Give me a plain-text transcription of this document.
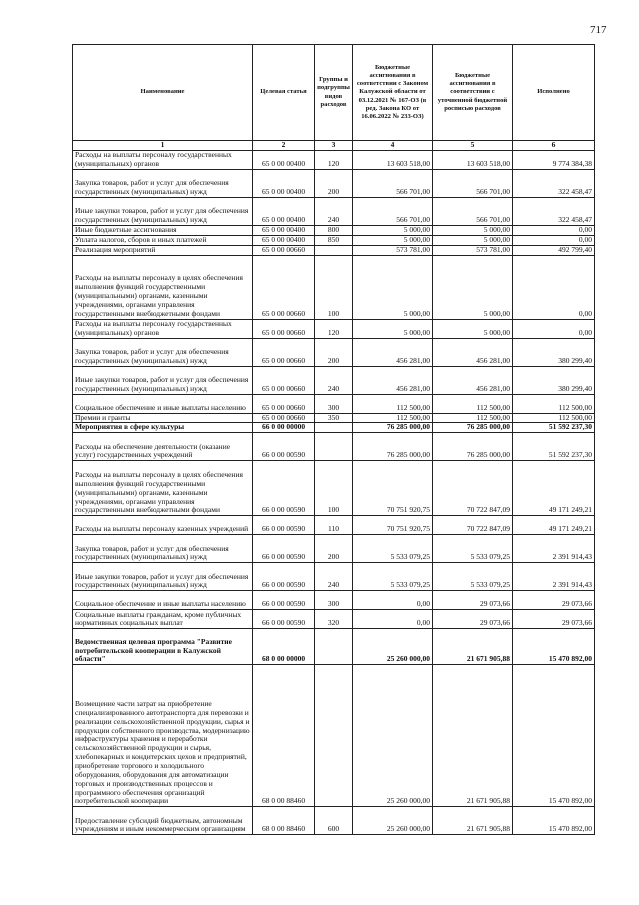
717
Наименование	Целевая статья	Группы и подгруппы видов расходов	Бюджетные ассигнования в соответствии с Законом Калужской области от 03.12.2021 № 167-ОЗ (в ред. Закона КО от 16.06.2022 № 233-ОЗ)	Бюджетные ассигнования в соответствии с уточненной бюджетной росписью расходов	Исполнено
1	2	3	4	5	6
Расходы на выплаты персоналу государственных (муниципальных) органов	65 0 00 00400	120	13 603 518,00	13 603 518,00	9 774 384,38
Закупка товаров, работ и услуг для обеспечения государственных (муниципальных) нужд	65 0 00 00400	200	566 701,00	566 701,00	322 458,47
Иные закупки товаров, работ и услуг для обеспечения государственных (муниципальных) нужд	65 0 00 00400	240	566 701,00	566 701,00	322 458,47
Иные бюджетные ассигнования	65 0 00 00400	800	5 000,00	5 000,00	0,00
Уплата налогов, сборов и иных платежей	65 0 00 00400	850	5 000,00	5 000,00	0,00
Реализация мероприятий	65 0 00 00660		573 781,00	573 781,00	492 799,40
Расходы на выплаты персоналу в целях обеспечения выполнения функций государственными (муниципальными) органами, казенными учреждениями, органами управления государственными внебюджетными фондами	65 0 00 00660	100	5 000,00	5 000,00	0,00
Расходы на выплаты персоналу государственных (муниципальных) органов	65 0 00 00660	120	5 000,00	5 000,00	0,00
Закупка товаров, работ и услуг для обеспечения государственных (муниципальных) нужд	65 0 00 00660	200	456 281,00	456 281,00	380 299,40
Иные закупки товаров, работ и услуг для обеспечения государственных (муниципальных) нужд	65 0 00 00660	240	456 281,00	456 281,00	380 299,40
Социальное обеспечение и иные выплаты населению	65 0 00 00660	300	112 500,00	112 500,00	112 500,00
Премии и гранты	65 0 00 00660	350	112 500,00	112 500,00	112 500,00
Мероприятия в сфере культуры	66 0 00 00000		76 285 000,00	76 285 000,00	51 592 237,30
Расходы на обеспечение деятельности (оказание услуг) государственных учреждений	66 0 00 00590		76 285 000,00	76 285 000,00	51 592 237,30
Расходы на выплаты персоналу в целях обеспечения выполнения функций государственными (муниципальными) органами, казенными учреждениями, органами управления государственными внебюджетными фондами	66 0 00 00590	100	70 751 920,75	70 722 847,09	49 171 249,21
Расходы на выплаты персоналу казенных учреждений	66 0 00 00590	110	70 751 920,75	70 722 847,09	49 171 249,21
Закупка товаров, работ и услуг для обеспечения государственных (муниципальных) нужд	66 0 00 00590	200	5 533 079,25	5 533 079,25	2 391 914,43
Иные закупки товаров, работ и услуг для обеспечения государственных (муниципальных) нужд	66 0 00 00590	240	5 533 079,25	5 533 079,25	2 391 914,43
Социальное обеспечение и иные выплаты населению	66 0 00 00590	300	0,00	29 073,66	29 073,66
Социальные выплаты гражданам, кроме публичных нормативных социальных выплат	66 0 00 00590	320	0,00	29 073,66	29 073,66
Ведомственная целевая программа "Развитие потребительской кооперации в Калужской области"	68 0 00 00000		25 260 000,00	21 671 905,88	15 470 892,00
Возмещение части затрат на приобретение специализированного автотранспорта для перевозки и реализации сельскохозяйственной продукции, сырья и продукции собственного производства, модернизацию инфраструктуры хранения и переработки сельскохозяйственной продукции и сырья, хлебопекарных и кондитерских цехов и предприятий, приобретение торгового и холодильного оборудования, оборудования для автоматизации торговых и производственных процессов и программного обеспечения организаций потребительской кооперации	68 0 00 88460		25 260 000,00	21 671 905,88	15 470 892,00
Предоставление субсидий бюджетным, автономным учреждениям и иным некоммерческим организациям	68 0 00 88460	600	25 260 000,00	21 671 905,88	15 470 892,00
